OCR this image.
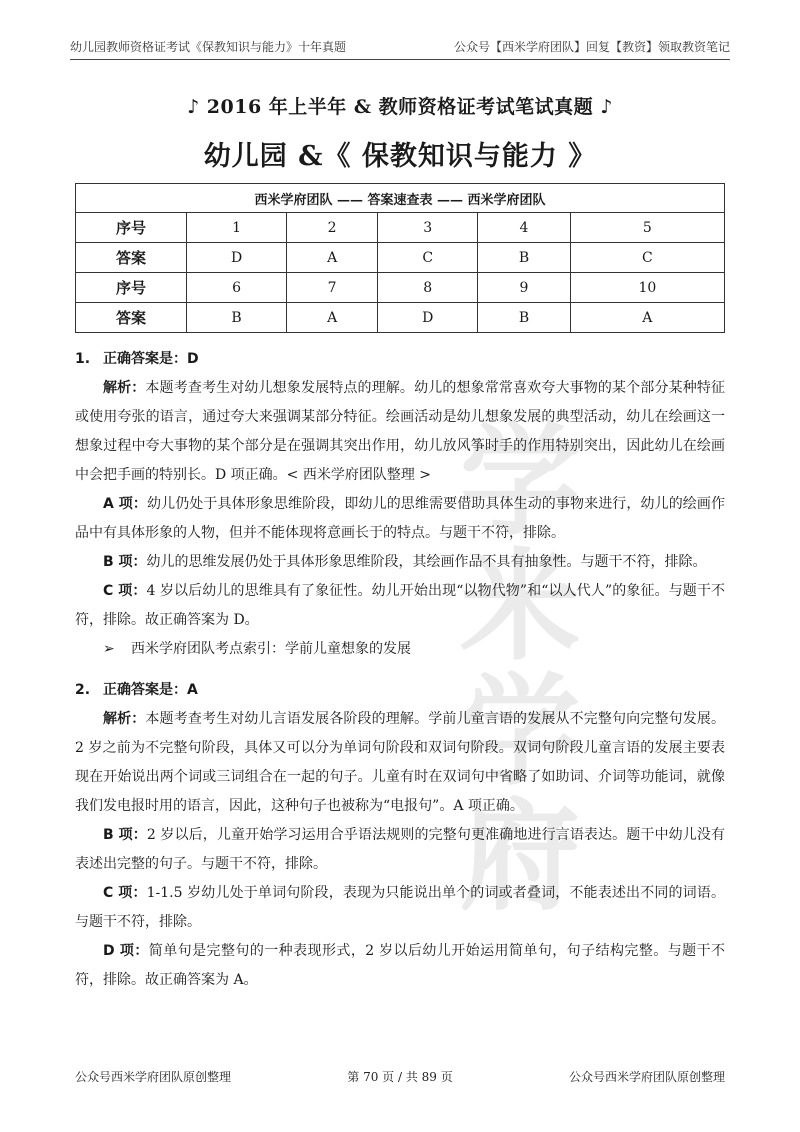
幼儿园教师资格证考试《保教知识与能力》十年真题	公众号【西米学府团队】回复【教资】领取教资笔记
学米学府
♪ 2016 年上半年 & 教师资格证考试笔试真题 ♪
幼儿园 &《 保教知识与能力 》
西米学府团队 —— 答案速查表 —— 西米学府团队					
序号	1	2	3	4	5
答案	D	A	C	B	C
序号	6	7	8	9	10
答案	B	A	D	B	A

1. 正确答案是：D

解析：本题考查考生对幼儿想象发展特点的理解。幼儿的想象常常喜欢夸大事物的某个部分某种特征或使用夸张的语言，通过夸大来强调某部分特征。绘画活动是幼儿想象发展的典型活动，幼儿在绘画这一想象过程中夸大事物的某个部分是在强调其突出作用，幼儿放风筝时手的作用特别突出，因此幼儿在绘画中会把手画的特别长。D 项正确。< 西米学府团队整理 >

A 项：幼儿仍处于具体形象思维阶段，即幼儿的思维需要借助具体生动的事物来进行，幼儿的绘画作品中有具体形象的人物，但并不能体现将意画长于的特点。与题干不符，排除。

B 项：幼儿的思维发展仍处于具体形象思维阶段，其绘画作品不具有抽象性。与题干不符，排除。

C 项：4 岁以后幼儿的思维具有了象征性。幼儿开始出现“以物代物”和“以人代人”的象征。与题干不符，排除。故正确答案为 D。

➢ 西米学府团队考点索引：学前儿童想象的发展

2. 正确答案是：A

解析：本题考查考生对幼儿言语发展各阶段的理解。学前儿童言语的发展从不完整句向完整句发展。2 岁之前为不完整句阶段，具体又可以分为单词句阶段和双词句阶段。双词句阶段儿童言语的发展主要表现在开始说出两个词或三词组合在一起的句子。儿童有时在双词句中省略了如助词、介词等功能词，就像我们发电报时用的语言，因此，这种句子也被称为“电报句”。A 项正确。

B 项：2 岁以后，儿童开始学习运用合乎语法规则的完整句更准确地进行言语表达。题干中幼儿没有表述出完整的句子。与题干不符，排除。

C 项：1-1.5 岁幼儿处于单词句阶段，表现为只能说出单个的词或者叠词，不能表述出不同的词语。与题干不符，排除。

D 项：简单句是完整句的一种表现形式，2 岁以后幼儿开始运用简单句，句子结构完整。与题干不符，排除。故正确答案为 A。

公众号西米学府团队原创整理	第 70 页 / 共 89 页	公众号西米学府团队原创整理
